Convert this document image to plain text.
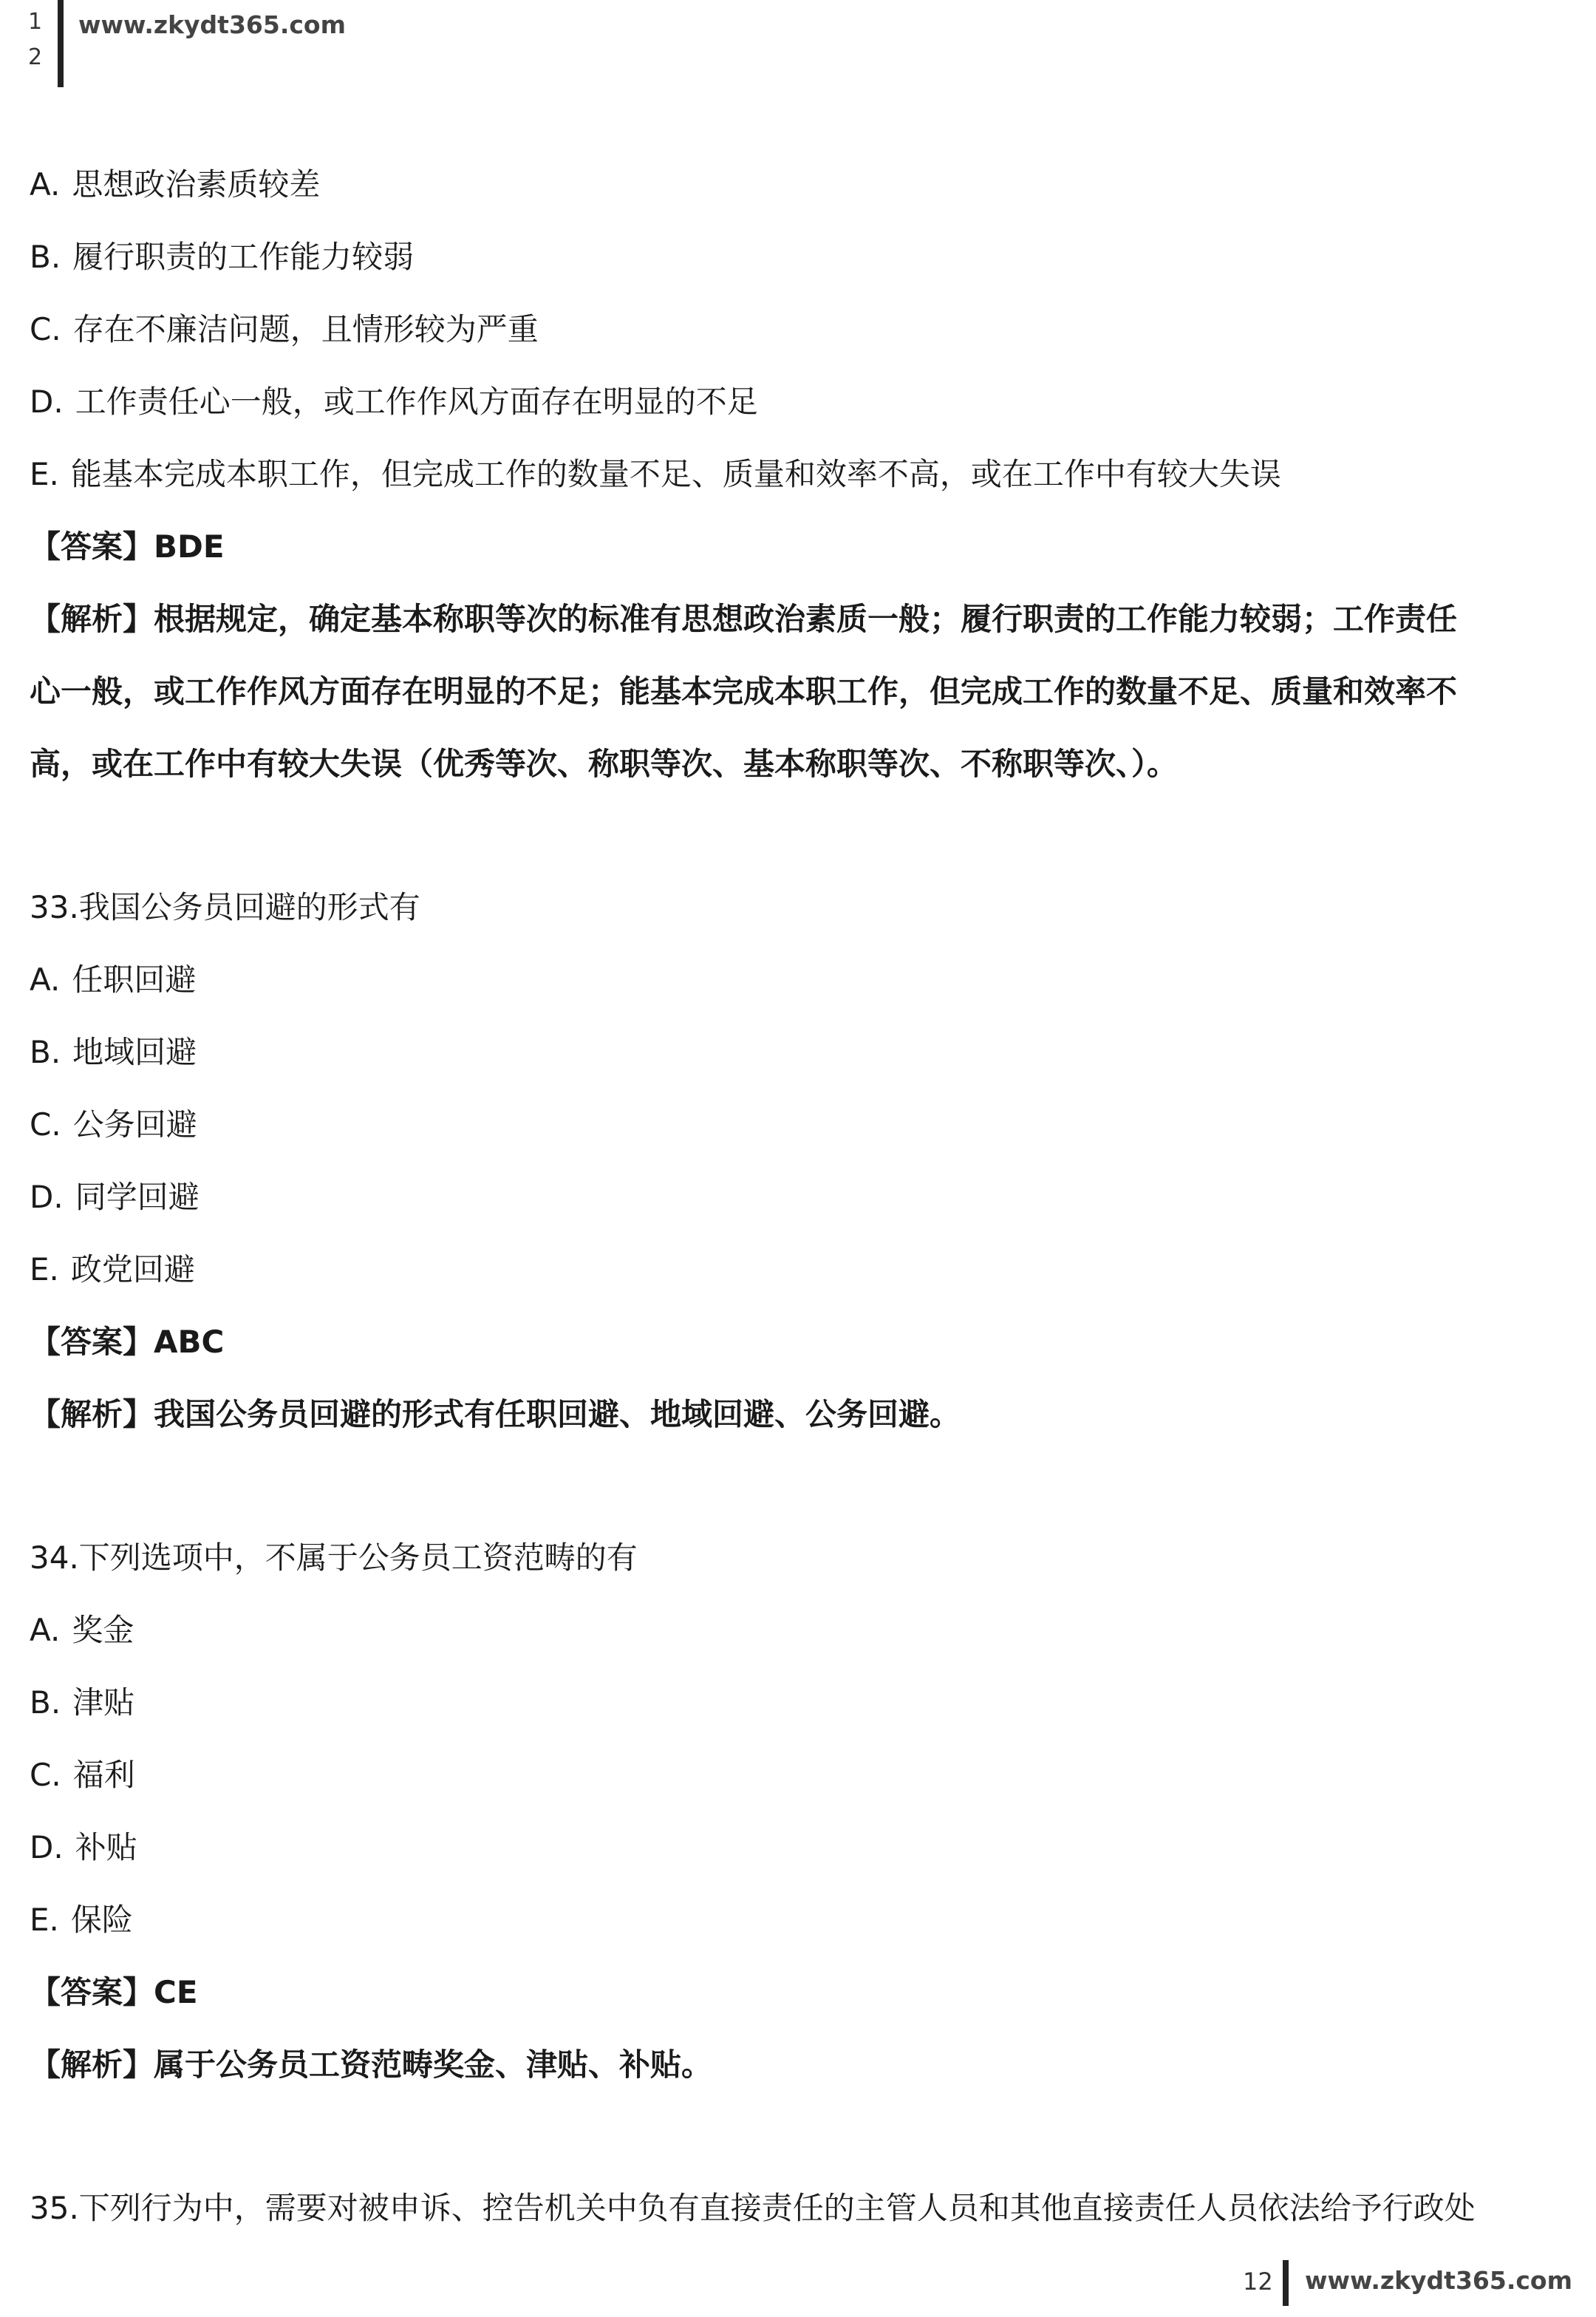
1
2
www.zkydt365.com
A. 思想政治素质较差
B. 履行职责的工作能力较弱
C. 存在不廉洁问题，且情形较为严重
D. 工作责任心一般，或工作作风方面存在明显的不足
E. 能基本完成本职工作，但完成工作的数量不足、质量和效率不高，或在工作中有较大失误
【答案】BDE
【解析】根据规定，确定基本称职等次的标准有思想政治素质一般；履行职责的工作能力较弱；工作责任
心一般，或工作作风方面存在明显的不足；能基本完成本职工作，但完成工作的数量不足、质量和效率不
高，或在工作中有较大失误（优秀等次、称职等次、基本称职等次、不称职等次、）。
33.我国公务员回避的形式有
A. 任职回避
B. 地域回避
C. 公务回避
D. 同学回避
E. 政党回避
【答案】ABC
【解析】我国公务员回避的形式有任职回避、地域回避、公务回避。
34.下列选项中，不属于公务员工资范畴的有
A. 奖金
B. 津贴
C. 福利
D. 补贴
E. 保险
【答案】CE
【解析】属于公务员工资范畴奖金、津贴、补贴。
35.下列行为中，需要对被申诉、控告机关中负有直接责任的主管人员和其他直接责任人员依法给予行政处
12 www.zkydt365.com
